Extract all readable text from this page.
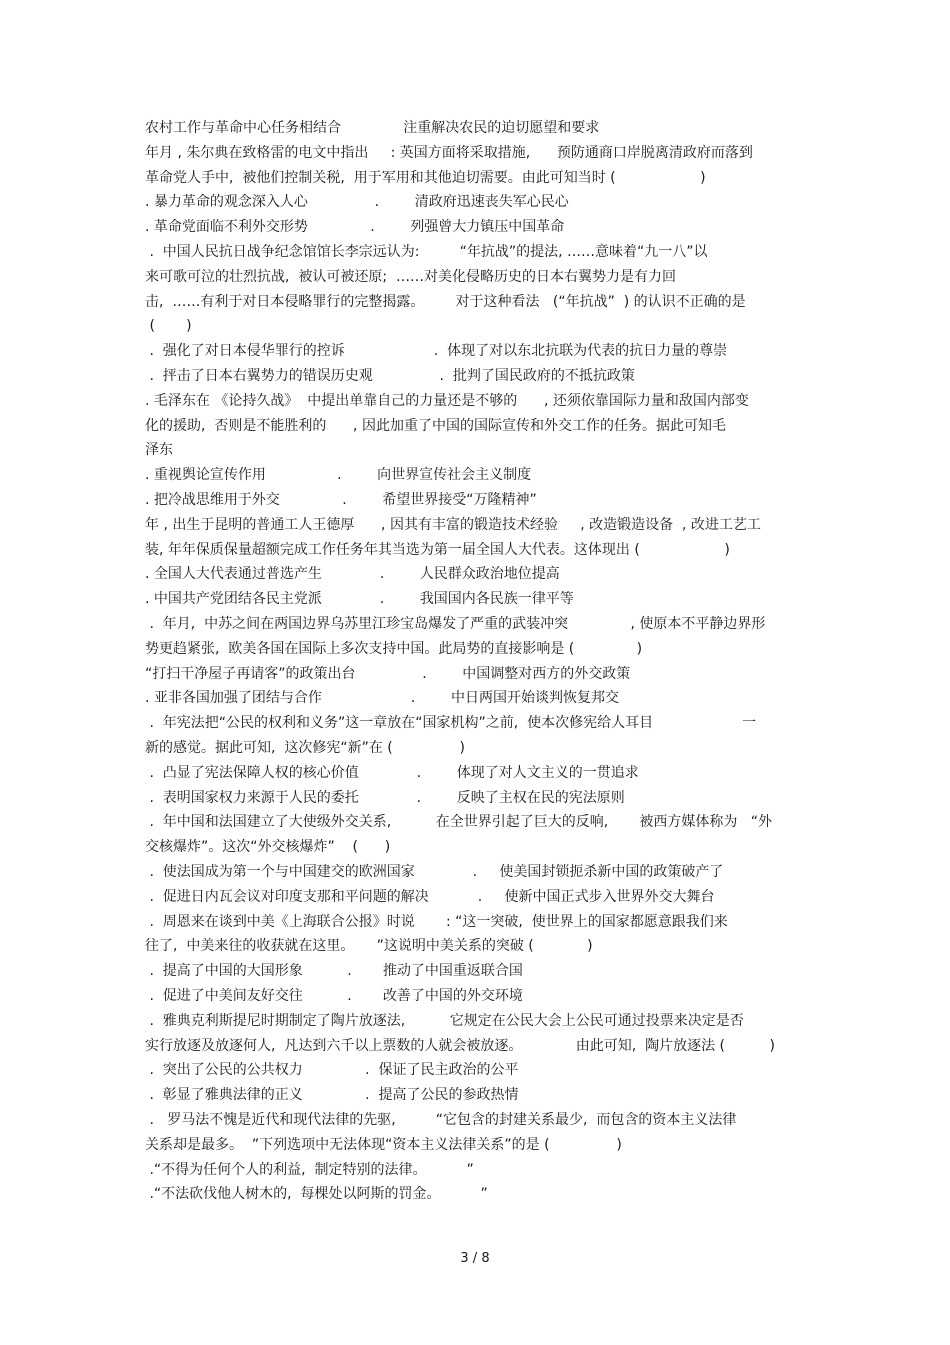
农村工作与革命中心任务相结合              注重解决农民的迫切愿望和要求
年月 , 朱尔典在致格雷的电文中指出     : 英国方面将采取措施,      预防通商口岸脱离清政府而落到
革命党人手中,  被他们控制关税,  用于军用和其他迫切需要。由此可知当时 (                   )
. 暴力革命的观念深入人心               .        清政府迅速丧失军心民心
. 革命党面临不利外交形势              .        列强曾大力镇压中国革命
.  中国人民抗日战争纪念馆馆长李宗远认为:         “年抗战”的提法, ……意味着“九一八”以
来可歌可泣的壮烈抗战,  被认可被还原;  ……对美化侵略历史的日本右翼势力是有力回
击,  ……有利于对日本侵略罪行的完整揭露。       对于这种看法   (“年抗战”  ) 的认识不正确的是
(       )
.  强化了对日本侵华罪行的控诉                    .  体现了对以东北抗联为代表的抗日力量的尊崇
.  抨击了日本右翼势力的错误历史观               .  批判了国民政府的不抵抗政策
. 毛泽东在 《论持久战》  中提出单靠自己的力量还是不够的      , 还须依靠国际力量和敌国内部变
化的援助,  否则是不能胜利的      , 因此加重了中国的国际宣传和外交工作的任务。据此可知毛
泽东
. 重视舆论宣传作用                .        向世界宣传社会主义制度
. 把冷战思维用于外交              .        希望世界接受“万隆精神”
年 , 出生于昆明的普通工人王德厚      , 因其有丰富的锻造技术经验     , 改造锻造设备  , 改进工艺工
装, 年年保质保量超额完成工作任务年其当选为第一届全国人大代表。这体现出 (                   )
. 全国人大代表通过普选产生             .        人民群众政治地位提高
. 中国共产党团结各民主党派             .        我国国内各民族一律平等
.  年月,  中苏之间在两国边界乌苏里江珍宝岛爆发了严重的武装冲突              , 使原本不平静边界形
势更趋紧张,  欧美各国在国际上多次支持中国。此局势的直接影响是 (              )
“打扫干净屋子再请客”的政策出台               .        中国调整对西方的外交政策
. 亚非各国加强了团结与合作                    .        中日两国开始谈判恢复邦交
.  年宪法把“公民的权利和义务”这一章放在“国家机构”之前,  使本次修宪给人耳目                    一
新的感觉。据此可知,  这次修宪“新”在 (               )
.  凸显了宪法保障人权的核心价值             .        体现了对人文主义的一贯追求
.  表明国家权力来源于人民的委托             .        反映了主权在民的宪法原则
.  年中国和法国建立了大使级外交关系,          在全世界引起了巨大的反响,       被西方媒体称为   “外
交核爆炸”。这次“外交核爆炸”    (      )
.  使法国成为第一个与中国建交的欧洲国家             .     使美国封锁扼杀新中国的政策破产了
.  促进日内瓦会议对印度支那和平问题的解决           .     使新中国正式步入世界外交大舞台
.  周恩来在谈到中美《上海联合公报》时说       : “这一突破,  使世界上的国家都愿意跟我们来
往了,  中美来往的收获就在这里。     ”这说明中美关系的突破 (            )
.  提高了中国的大国形象          .       推动了中国重返联合国
.  促进了中美间友好交往          .       改善了中国的外交环境
.  雅典克利斯提尼时期制定了陶片放逐法,          它规定在公民大会上公民可通过投票来决定是否
实行放逐及放逐何人,  凡达到六千以上票数的人就会被放逐。            由此可知,  陶片放逐法 (          )
.  突出了公民的公共权力              .  保证了民主政治的公平
.  彰显了雅典法律的正义              .  提高了公民的参政热情
.   罗马法不愧是近代和现代法律的先驱,         “它包含的封建关系最少,  而包含的资本主义法律
关系却是最多。  ”下列选项中无法体现“资本主义法律关系”的是 (               )
.“不得为任何个人的利益,  制定特别的法律。         ”
.“不法砍伐他人树木的,  每棵处以阿斯的罚金。         ”
3 / 8
